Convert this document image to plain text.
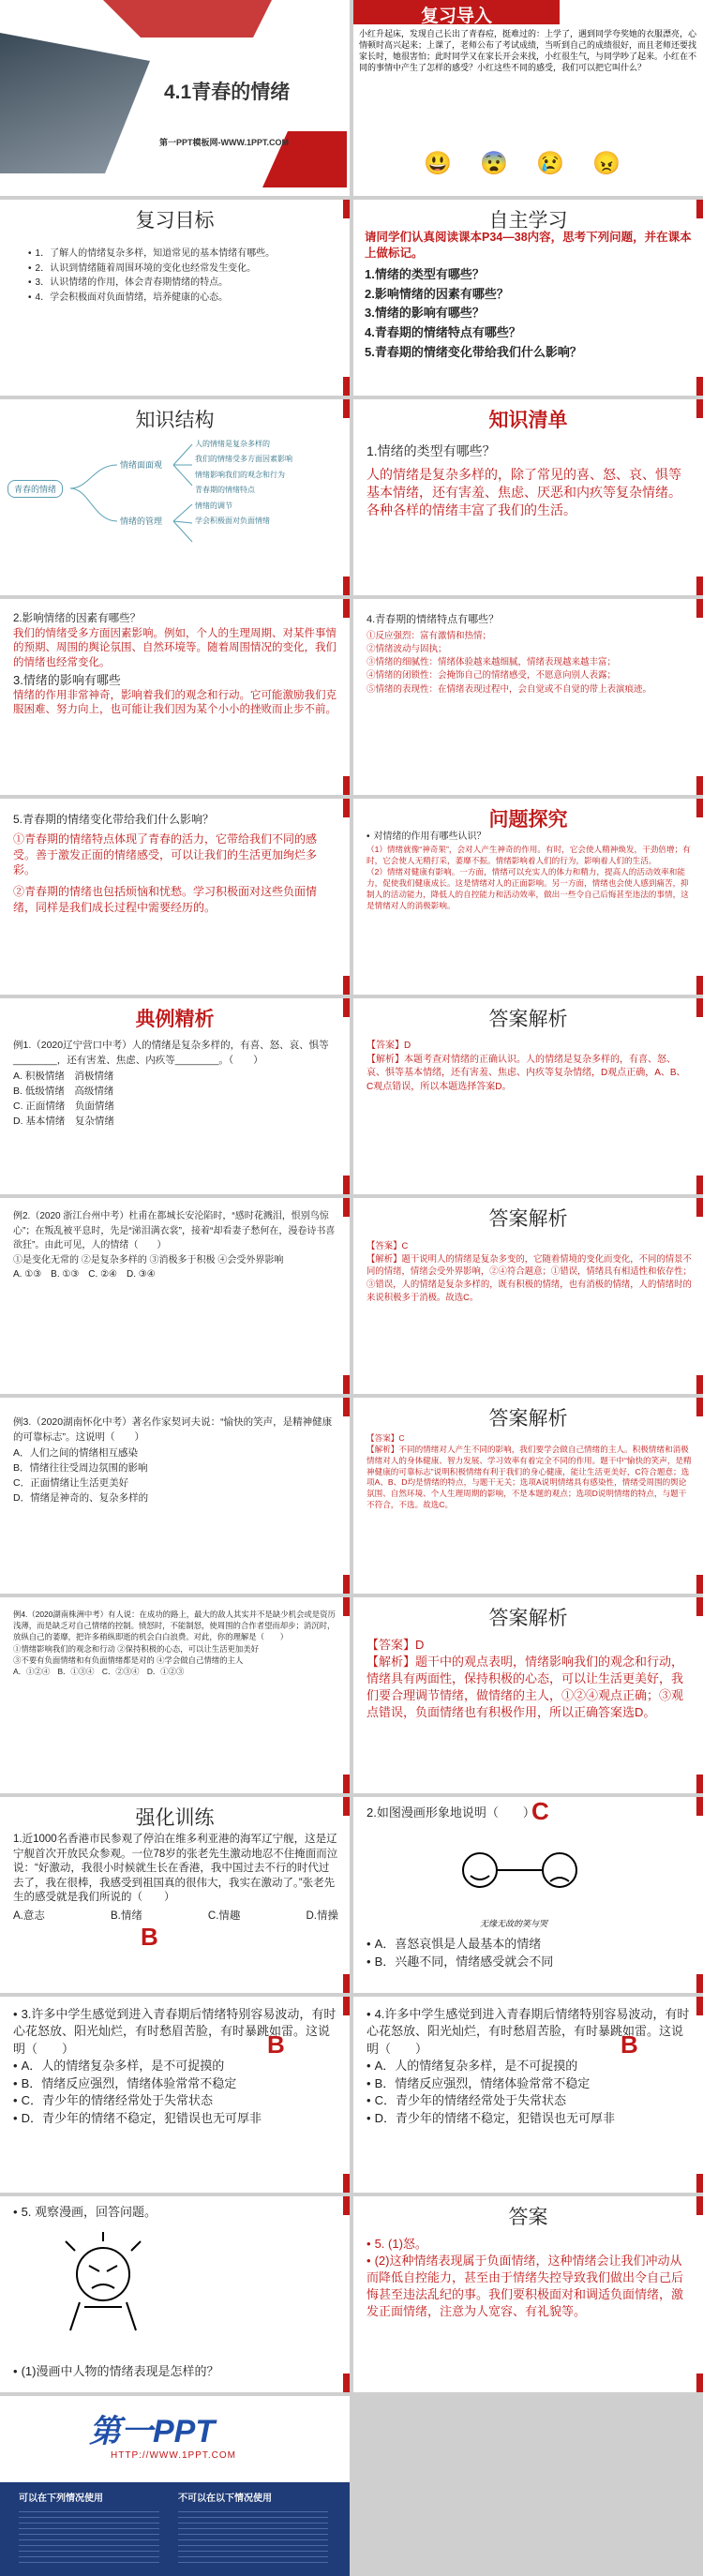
4.1青春的情绪
第一PPT模板网-WWW.1PPT.COM
复习导入
小红升起床，发现自己长出了青春痘，挺难过的：上学了，遇到同学夸奖她的衣服漂亮，心情顿时高兴起来；上课了，老师公布了考试成绩，当听到自己的成绩很好，而且老师还要找家长时，她很害怕；此时同学又在家长开会来找，小红很生气，与同学吵了起来。小红在不同的事情中产生了怎样的感受？小红这些不同的感受，我们可以把它叫什么？
😃 😨 😢 😠
复习目标
• 1．了解人的情绪复杂多样，知道常见的基本情绪有哪些。
• 2．认识到情绪随着周围环境的变化也经常发生变化。
• 3．认识情绪的作用，体会青春期情绪的特点。
• 4．学会积极面对负面情绪，培养健康的心态。
自主学习
请同学们认真阅读课本P34—38内容，思考下列问题，并在课本上做标记。
1.情绪的类型有哪些？
2.影响情绪的因素有哪些？
3.情绪的影响有哪些？
4.青春期的情绪特点有哪些？
5.青春期的情绪变化带给我们什么影响？
知识结构
青春的情绪
情绪面面观
情绪的管理
人的情绪是复杂多样的
我们的情绪受多方面因素影响
情绪影响我们的观念和行为
青春期的情绪特点
情绪的调节
学会积极面对负面情绪
知识清单
1.情绪的类型有哪些？
人的情绪是复杂多样的，除了常见的喜、怒、哀、惧等基本情绪，还有害羞、焦虑、厌恶和内疚等复杂情绪。各种各样的情绪丰富了我们的生活。
2.影响情绪的因素有哪些？
我们的情绪受多方面因素影响。例如，个人的生理周期、对某件事情的预期、周围的舆论氛围、自然环境等。随着周围情况的变化，我们的情绪也经常变化。
3.情绪的影响有哪些
情绪的作用非常神奇，影响着我们的观念和行动。它可能激励我们克服困难、努力向上，也可能让我们因为某个小小的挫败而止步不前。
4.青春期的情绪特点有哪些？
①反应强烈：富有激情和热情；
②情绪波动与固执；
③情绪的细腻性：情绪体验越来越细腻，情绪表现越来越丰富；
④情绪的闭锁性：会掩饰自己的情绪感受，不愿意向别人表露；
⑤情绪的表现性：在情绪表现过程中，会自觉或不自觉的带上表演痕迹。
5.青春期的情绪变化带给我们什么影响？
①青春期的情绪特点体现了青春的活力，它带给我们不同的感受。善于激发正面的情绪感受，可以让我们的生活更加绚烂多彩。
②青春期的情绪也包括烦恼和忧愁。学习积极面对这些负面情绪，同样是我们成长过程中需要经历的。
问题探究
• 对情绪的作用有哪些认识？
（1）情绪就像“神奇果”，会对人产生神奇的作用。有时，它会使人精神焕发，干劲倍增；有时，它会使人无精打采，萎靡不振。情绪影响着人们的行为，影响着人们的生活。
（2）情绪对健康有影响。一方面，情绪可以充实人的体力和精力，提高人的活动效率和能力，促使我们健康成长。这是情绪对人的正面影响。另一方面，情绪也会使人感到痛苦，抑制人的活动能力，降低人的自控能力和活动效率，做出一些令自己后悔甚至违法的事情，这是情绪对人的消极影响。
典例精析
例1.（2020辽宁营口中考）人的情绪是复杂多样的，有喜、怒、哀、惧等________，还有害羞、焦虑、内疚等________。（　　）
A. 积极情绪　消极情绪
B. 低级情绪　高级情绪
C. 正面情绪　负面情绪
D. 基本情绪　复杂情绪
答案解析
【答案】D
【解析】本题考查对情绪的正确认识。人的情绪是复杂多样的，有喜、怒、哀、惧等基本情绪，还有害羞、焦虑、内疚等复杂情绪，D观点正确，A、B、C观点错误，所以本题选择答案D。
例2.（2020 浙江台州中考）杜甫在都城长安沦陷时，“感时花溅泪，恨别鸟惊心”；在叛乱被平息时，先是“涕泪满衣裳”，接着“却看妻子愁何在，漫卷诗书喜欲狂”。由此可见，人的情绪（　　）
①是变化无常的 ②是复杂多样的 ③消极多于积极 ④会受外界影响
A. ①③　B. ①③　C. ②④　D. ③④
答案解析
【答案】C
【解析】题干说明人的情绪是复杂多变的，它随着情境的变化而变化，不同的情景不同的情绪，情绪会受外界影响，②④符合题意；①错误，情绪具有相适性和依存性；③错误，人的情绪是复杂多样的，既有积极的情绪，也有消极的情绪，人的情绪时的来说积极多于消极。故选C。
例3.（2020湖南怀化中考）著名作家契诃夫说：“愉快的笑声，是精神健康的可靠标志”。这说明（　　）
A．人们之间的情绪相互感染
B．情绪往往受周边氛围的影响
C．正面情绪让生活更美好
D．情绪是神奇的、复杂多样的
答案解析
【答案】C
【解析】不同的情绪对人产生不同的影响，我们要学会做自己情绪的主人。积极情绪和消极情绪对人的身体健康、智力发展、学习效率有着完全不同的作用。题干中“愉快的笑声，是精神健康的可靠标志”说明积极情绪有利于我们的身心健康，能让生活更美好，C符合题意；选项A、B、D均是情绪的特点，与题干无关；选项A说明情绪具有感染性，情绪受周围的舆论氛围、自然环境、个人生理周期的影响，不是本题的观点；选项D说明情绪的特点，与题干不符合，不选。故选C。
例4.（2020湖南株洲中考）有人说：在成功的路上，最大的敌人其实并不是缺少机会或是资历浅薄，而是缺乏对自己情绪的控制。愤怒时，不能制怒，使周围的合作者望而却步；消沉时，放纵自己的萎靡，把许多稍纵即逝的机会白白浪费。对此，你的理解是（　　）
①情绪影响我们的观念和行动 ②保持积极的心态，可以让生活更加美好
③不要有负面情绪和有负面情绪都是对的 ④学会做自己情绪的主人
A．①②④　B．①③④　C．②③④　D．①②③
答案解析
【答案】D
【解析】题干中的观点表明，情绪影响我们的观念和行动，情绪具有两面性，保持积极的心态，可以让生活更美好，我们要合理调节情绪，做情绪的主人，①②④观点正确；③观点错误，负面情绪也有积极作用，所以正确答案选D。
强化训练
1.近1000名香港市民参观了停泊在维多利亚港的海军辽宁舰，这是辽宁舰首次开放民众参观。一位78岁的张老先生激动地忍不住掩面而泣说：“好激动，我很小时候就生长在香港，我中国过去不行的时代过去了，我在很棒，我感受到祖国真的很伟大，我实在激动了。”张老先生的感受就是我们所说的（　　）
A.意志	B.情绪	C.情趣	D.情操
B
2.如图漫画形象地说明（　　）
C
无缘无故的笑与哭
• A．喜怒哀惧是人最基本的情绪
• B．兴趣不同，情绪感受就会不同
• 3.许多中学生感觉到进入青春期后情绪特别容易波动，有时心花怒放、阳光灿烂，有时愁眉苦脸，有时暴跳如雷。这说明（　　）
• A．人的情绪复杂多样，是不可捉摸的
• B．情绪反应强烈，情绪体验常常不稳定
• C．青少年的情绪经常处于失常状态
• D．青少年的情绪不稳定，犯错误也无可厚非
B
• 4.许多中学生感觉到进入青春期后情绪特别容易波动，有时心花怒放、阳光灿烂，有时愁眉苦脸，有时暴跳如雷。这说明（　　）
• A．人的情绪复杂多样，是不可捉摸的
• B．情绪反应强烈，情绪体验常常不稳定
• C．青少年的情绪经常处于失常状态
• D．青少年的情绪不稳定，犯错误也无可厚非
B
• 5. 观察漫画，回答问题。
• (1)漫画中人物的情绪表现是怎样的？
答案
• 5. (1)怒。
• (2)这种情绪表现属于负面情绪，这种情绪会让我们冲动从而降低自控能力，甚至由于情绪失控导致我们做出令自己后悔甚至违法乱纪的事。我们要积极面对和调适负面情绪，激发正面情绪，注意为人宽容、有礼貌等。
第一PPT
HTTP://WWW.1PPT.COM
可以在下列情况使用	不可以在以下情况使用
